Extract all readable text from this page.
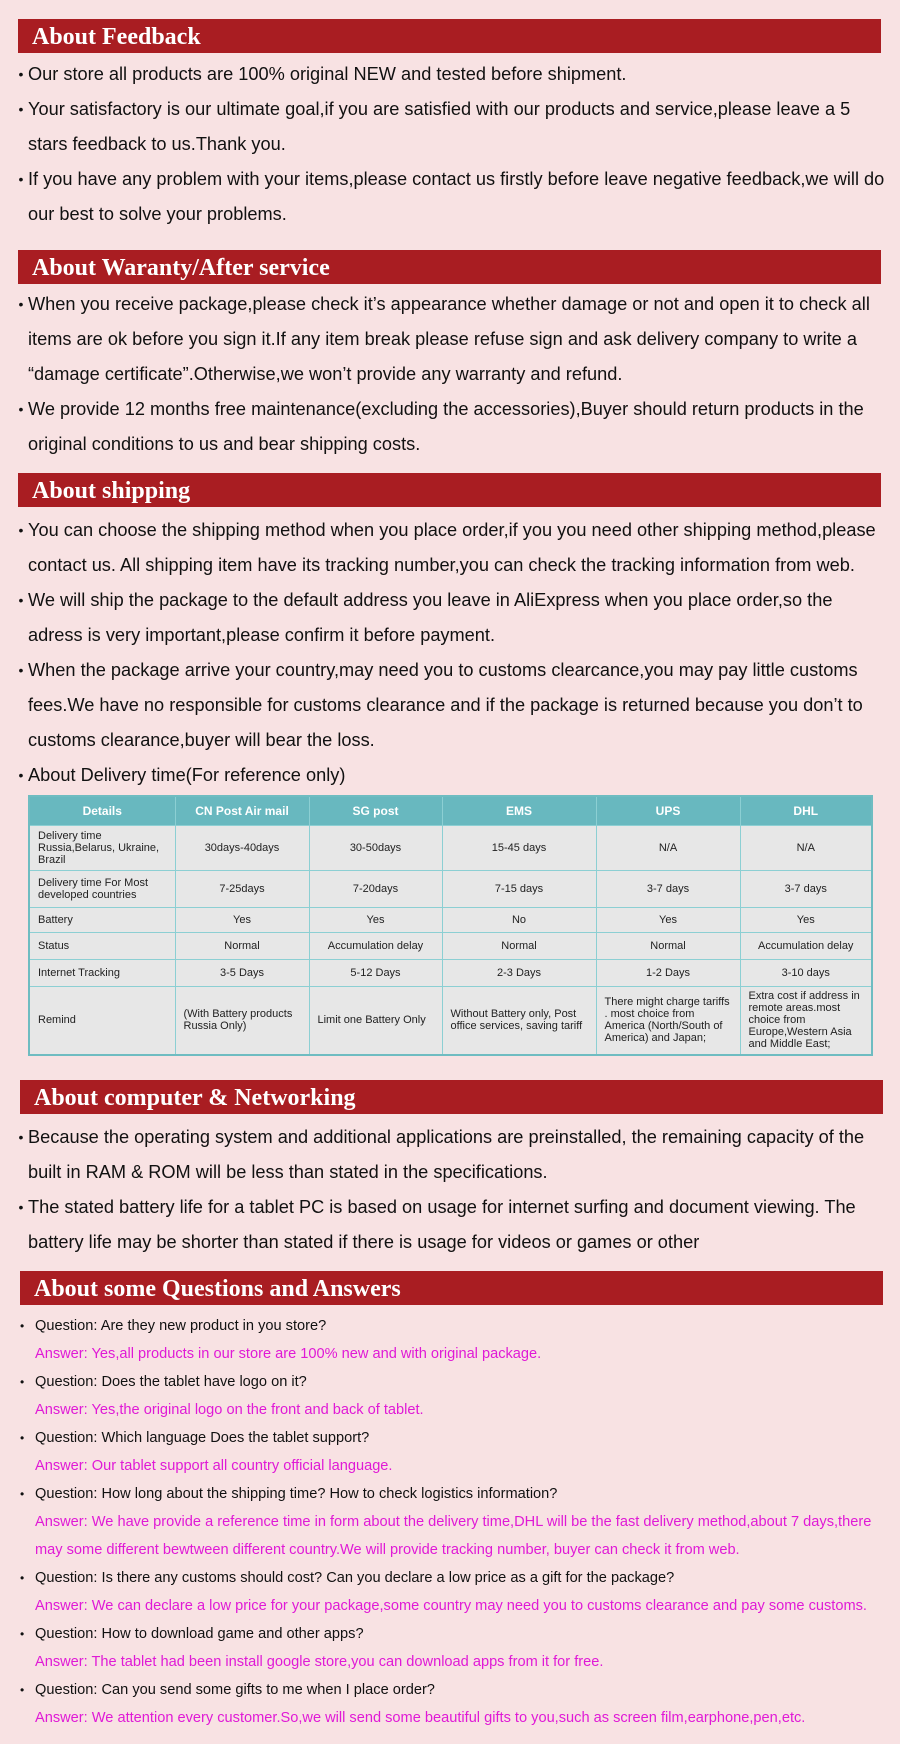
About Feedback
• Our store all products are 100% original NEW and tested before shipment.
• Your satisfactory is our ultimate goal,if you are satisfied with our products and service,please leave a 5 stars feedback to us.Thank you.
• If you have any problem with your items,please contact us firstly before leave negative feedback,we will do our best to solve your problems.
About Waranty/After service
• When you receive package,please check it’s appearance whether damage or not and open it to check all items are ok before you sign it.If any item break please refuse sign and ask delivery company to write a “damage certificate”.Otherwise,we won’t provide any warranty and refund.
• We provide 12 months free maintenance(excluding the accessories),Buyer should return products in the original conditions to us and bear shipping costs.
About shipping
• You can choose the shipping method when you place order,if you you need other shipping method,please contact us. All shipping item have its tracking number,you can check the tracking information from web.
• We will ship the package to the default address you leave in AliExpress when you place order,so the adress is very important,please confirm it before payment.
• When the package arrive your country,may need you to customs clearcance,you may pay little customs fees.We have no responsible for customs clearance and if the package is returned because you don’t to customs clearance,buyer will bear the loss.
• About Delivery time(For reference only)
Details	CN Post Air mail	SG post	EMS	UPS	DHL
Delivery time Russia,Belarus, Ukraine, Brazil	30days-40days	30-50days	15-45 days	N/A	N/A
Delivery time For Most developed countries	7-25days	7-20days	7-15 days	3-7 days	3-7 days
Battery	Yes	Yes	No	Yes	Yes
Status	Normal	Accumulation delay	Normal	Normal	Accumulation delay
Internet Tracking	3-5 Days	5-12 Days	2-3 Days	1-2 Days	3-10 days
Remind	(With Battery products Russia Only)	Limit one Battery Only	Without Battery only, Post office services, saving tariff	There might charge tariffs . most choice from America (North/South of America) and Japan;	Extra cost if address in remote areas.most choice from Europe,Western Asia and Middle East;
About computer & Networking
• Because the operating system and additional applications are preinstalled, the remaining capacity of the built in RAM & ROM will be less than stated in the specifications.
• The stated battery life for a tablet PC is based on usage for internet surfing and document viewing. The battery life may be shorter than stated if there is usage for videos or games or other
About some Questions and Answers
• Question: Are they new product in you store?
Answer: Yes,all products in our store are 100% new and with original package.
• Question: Does the tablet have logo on it?
Answer: Yes,the original logo on the front and back of tablet.
• Question: Which language Does the tablet support?
Answer: Our tablet support all country official language.
• Question: How long about the shipping time? How to check logistics information?
Answer: We have provide a reference time in form about the delivery time,DHL will be the fast delivery method,about 7 days,there may some different bewtween different country.We will provide tracking number, buyer can check it from web.
• Question: Is there any customs should cost? Can you declare a low price as a gift for the package?
Answer: We can declare a low price for your package,some country may need you to customs clearance and pay some customs.
• Question: How to download game and other apps?
Answer: The tablet had been install google store,you can download apps from it for free.
• Question: Can you send some gifts to me when I place order?
Answer: We attention every customer.So,we will send some beautiful gifts to you,such as screen film,earphone,pen,etc.
